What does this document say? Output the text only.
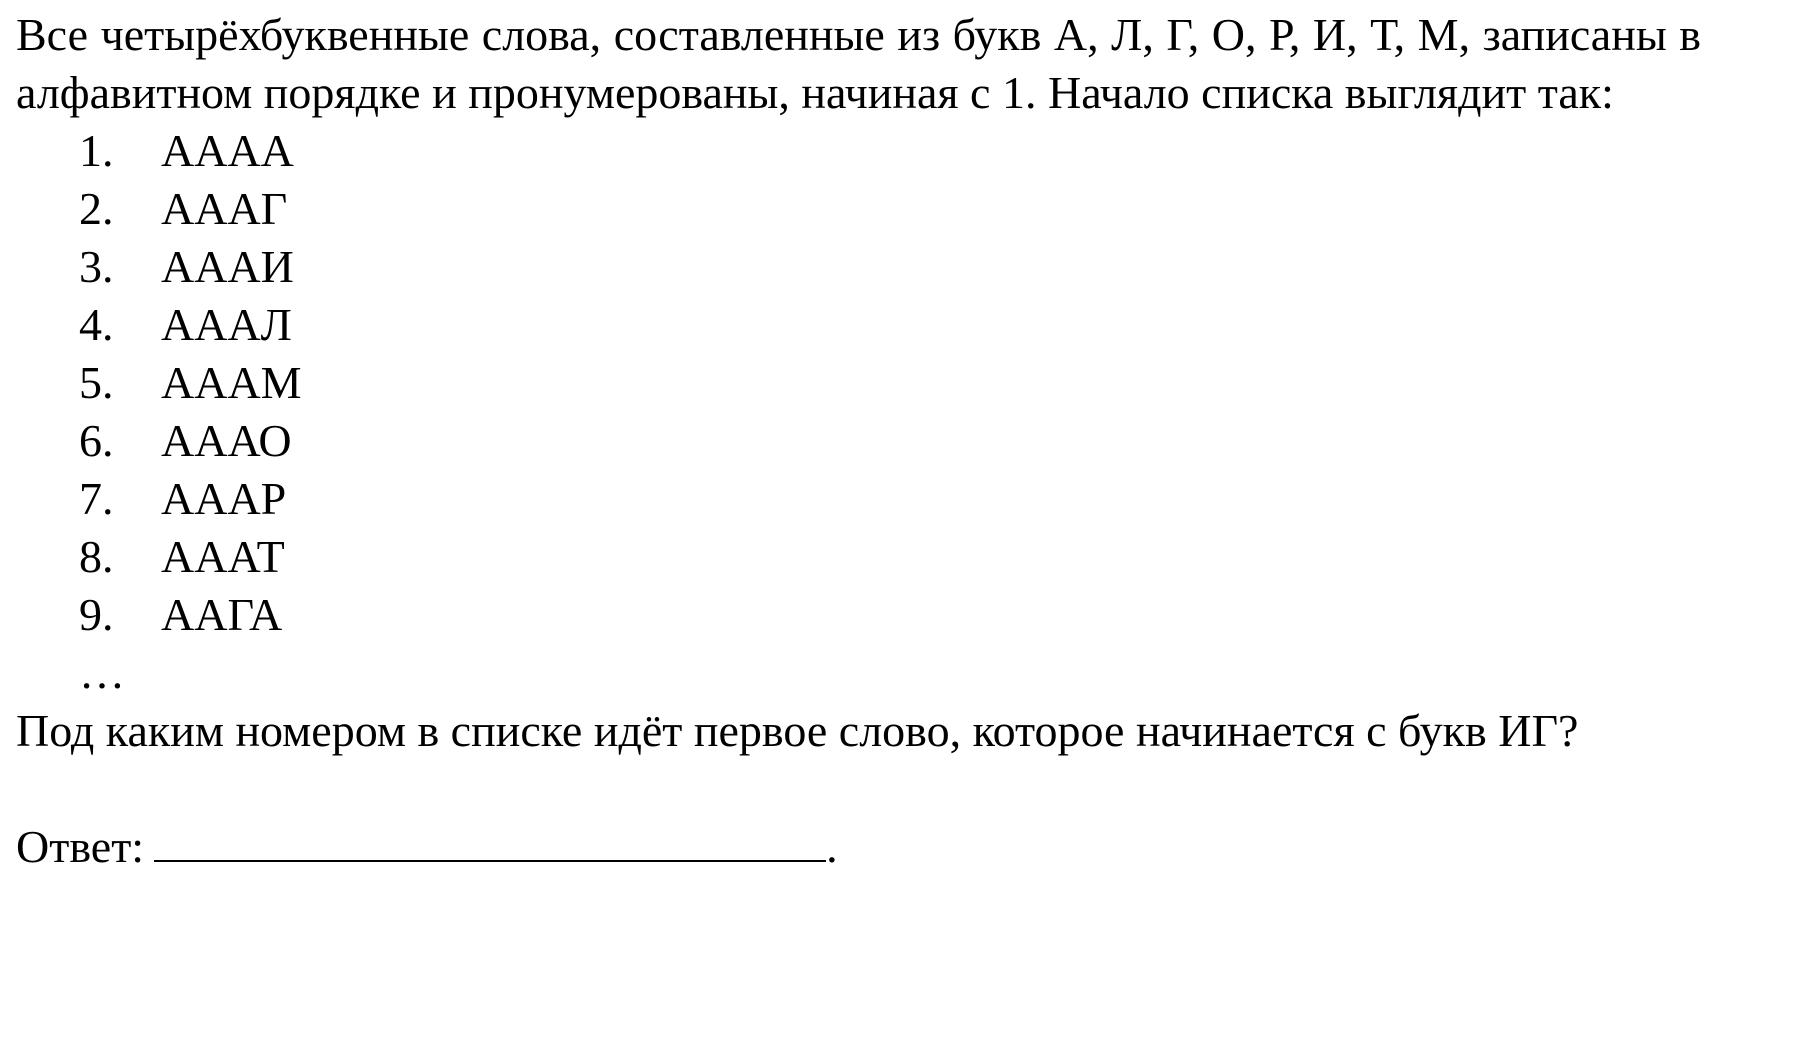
Все четырёхбуквенные слова, составленные из букв А, Л, Г, О, Р, И, Т, М, записаны в алфавитном порядке и пронумерованы, начиная с 1. Начало списка выглядит так:

1.	АААА
2.	АААГ
3.	АААИ
4.	АААЛ
5.	АААМ
6.	АААО
7.	АААР
8.	АААТ
9.	ААГА
…

Под каким номером в списке идёт первое слово, которое начинается с букв ИГ?

Ответ:	.
